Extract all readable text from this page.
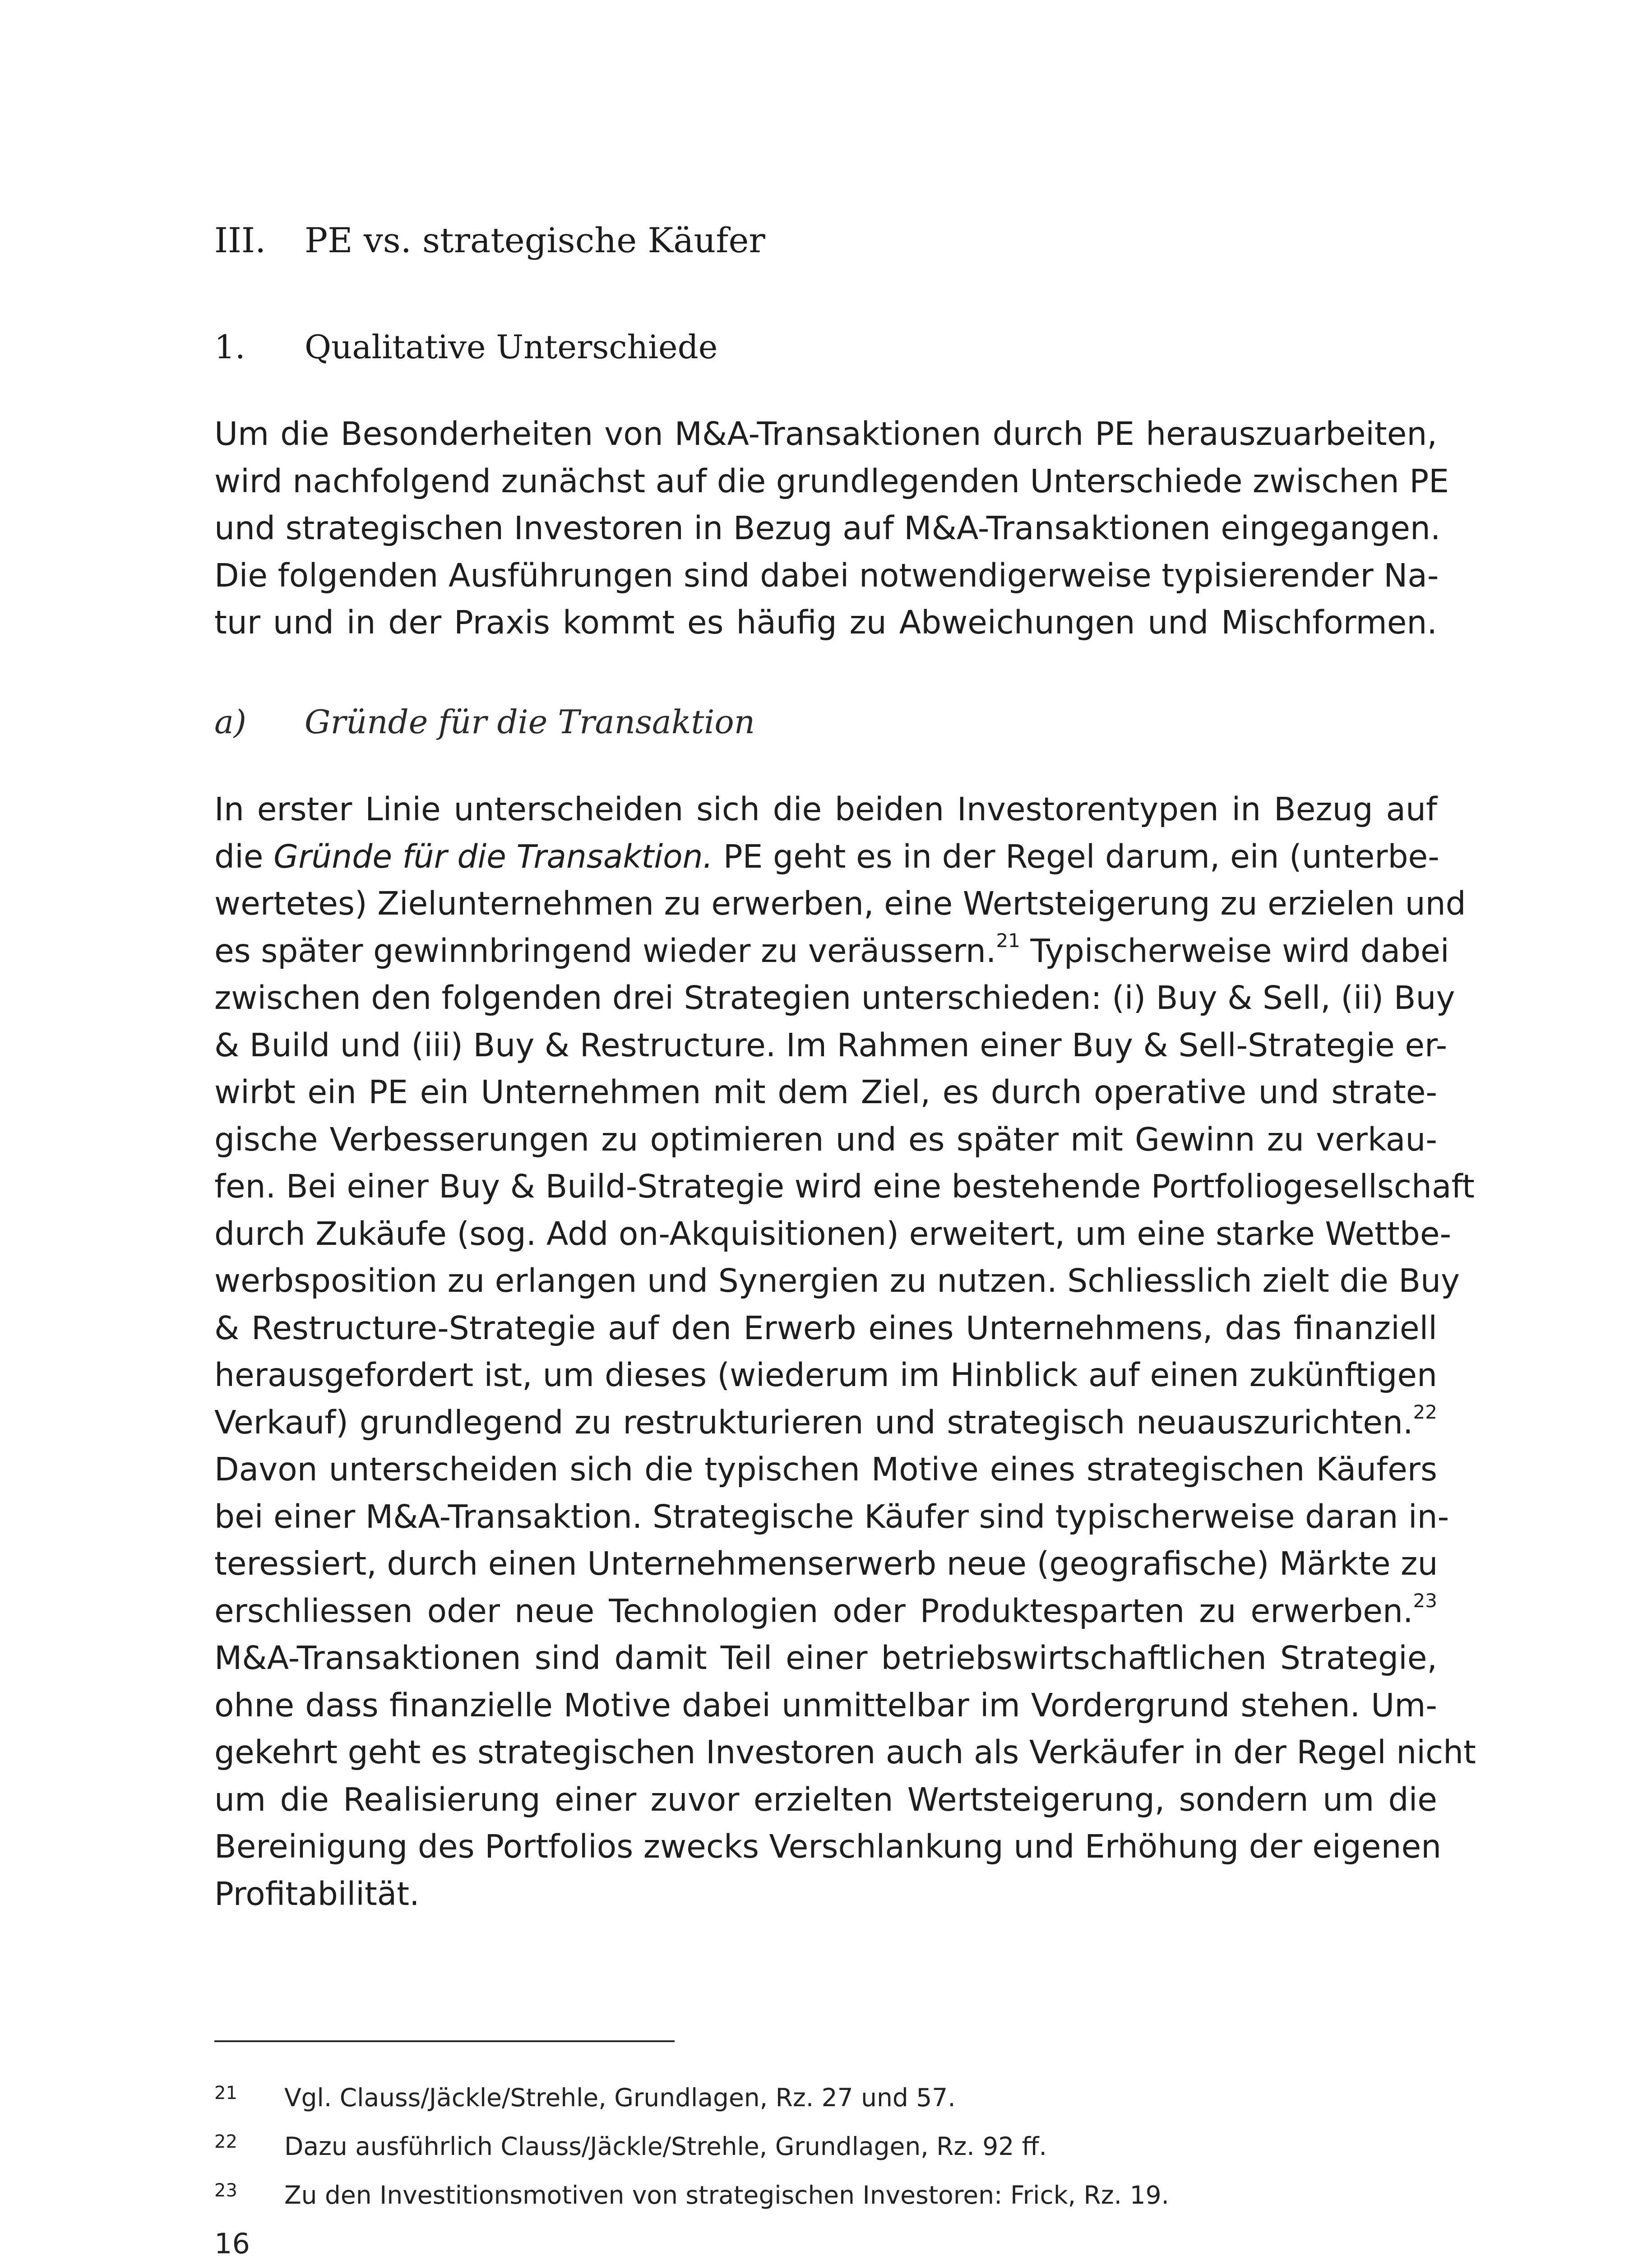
III. PE vs. strategische Käufer
1. Qualitative Unterschiede
Um die Besonderheiten von M&A-Transaktionen durch PE herauszuarbeiten,
wird nachfolgend zunächst auf die grundlegenden Unterschiede zwischen PE
und strategischen Investoren in Bezug auf M&A-Transaktionen eingegangen.
Die folgenden Ausführungen sind dabei notwendigerweise typisierender Na-
tur und in der Praxis kommt es häufig zu Abweichungen und Mischformen.
a) Gründe für die Transaktion
In erster Linie unterscheiden sich die beiden Investorentypen in Bezug auf
die Gründe für die Transaktion. PE geht es in der Regel darum, ein (unterbe-
wertetes) Zielunternehmen zu erwerben, eine Wertsteigerung zu erzielen und
es später gewinnbringend wieder zu veräussern.$^{21}$ Typischerweise wird dabei
zwischen den folgenden drei Strategien unterschieden: (i) Buy & Sell, (ii) Buy
& Build und (iii) Buy & Restructure. Im Rahmen einer Buy & Sell-Strategie er-
wirbt ein PE ein Unternehmen mit dem Ziel, es durch operative und strate-
gische Verbesserungen zu optimieren und es später mit Gewinn zu verkau-
fen. Bei einer Buy & Build-Strategie wird eine bestehende Portfoliogesellschaft
durch Zukäufe (sog. Add on-Akquisitionen) erweitert, um eine starke Wettbe-
werbsposition zu erlangen und Synergien zu nutzen. Schliesslich zielt die Buy
& Restructure-Strategie auf den Erwerb eines Unternehmens, das finanziell
herausgefordert ist, um dieses (wiederum im Hinblick auf einen zukünftigen
Verkauf) grundlegend zu restrukturieren und strategisch neuauszurichten.$^{22}$
Davon unterscheiden sich die typischen Motive eines strategischen Käufers
bei einer M&A-Transaktion. Strategische Käufer sind typischerweise daran in-
teressiert, durch einen Unternehmenserwerb neue (geografische) Märkte zu
erschliessen oder neue Technologien oder Produktesparten zu erwerben.$^{23}$
M&A-Transaktionen sind damit Teil einer betriebswirtschaftlichen Strategie,
ohne dass finanzielle Motive dabei unmittelbar im Vordergrund stehen. Um-
gekehrt geht es strategischen Investoren auch als Verkäufer in der Regel nicht
um die Realisierung einer zuvor erzielten Wertsteigerung, sondern um die
Bereinigung des Portfolios zwecks Verschlankung und Erhöhung der eigenen
Profitabilität.
21 Vgl. Clauss/Jäckle/Strehle, Grundlagen, Rz. 27 und 57.
22 Dazu ausführlich Clauss/Jäckle/Strehle, Grundlagen, Rz. 92 ff.
23 Zu den Investitionsmotiven von strategischen Investoren: Frick, Rz. 19.
16
